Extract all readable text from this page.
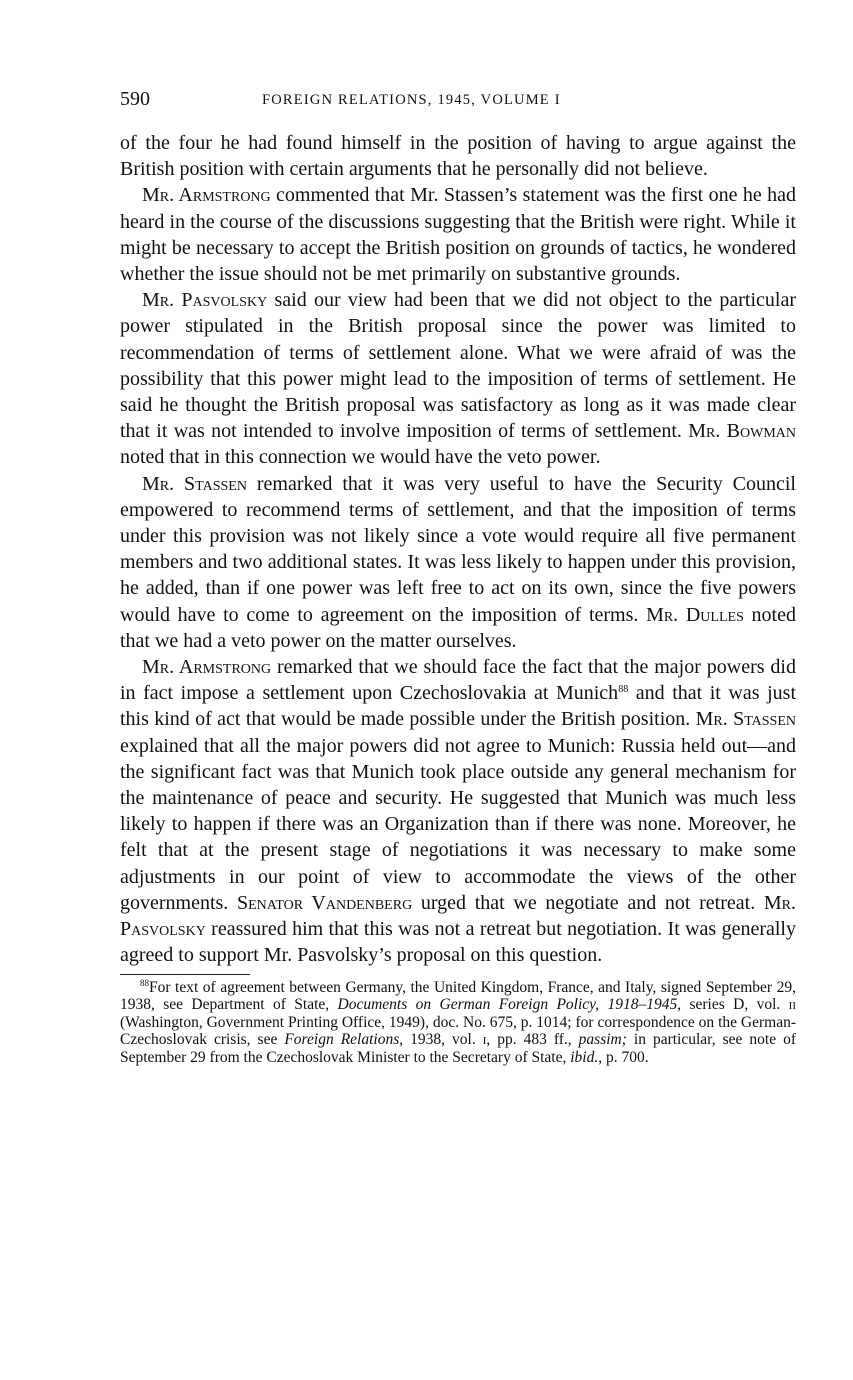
590	FOREIGN RELATIONS, 1945, VOLUME I

of the four he had found himself in the position of having to argue against the British position with certain arguments that he personally did not believe.

Mr. Armstrong commented that Mr. Stassen’s statement was the first one he had heard in the course of the discussions suggesting that the British were right. While it might be necessary to accept the British position on grounds of tactics, he wondered whether the issue should not be met primarily on substantive grounds.

Mr. Pasvolsky said our view had been that we did not object to the particular power stipulated in the British proposal since the power was limited to recommendation of terms of settlement alone. What we were afraid of was the possibility that this power might lead to the imposition of terms of settlement. He said he thought the British proposal was satisfactory as long as it was made clear that it was not intended to involve imposition of terms of settlement. Mr. Bowman noted that in this connection we would have the veto power.

Mr. Stassen remarked that it was very useful to have the Security Council empowered to recommend terms of settlement, and that the imposition of terms under this provision was not likely since a vote would require all five permanent members and two additional states. It was less likely to happen under this provision, he added, than if one power was left free to act on its own, since the five powers would have to come to agreement on the imposition of terms. Mr. Dulles noted that we had a veto power on the matter ourselves.

Mr. Armstrong remarked that we should face the fact that the major powers did in fact impose a settlement upon Czechoslovakia at Munich$^{88}$ and that it was just this kind of act that would be made possible under the British position. Mr. Stassen explained that all the major powers did not agree to Munich: Russia held out—and the significant fact was that Munich took place outside any general mechanism for the maintenance of peace and security. He suggested that Munich was much less likely to happen if there was an Organization than if there was none. Moreover, he felt that at the present stage of negotiations it was necessary to make some adjustments in our point of view to accommodate the views of the other governments. Senator Vandenberg urged that we negotiate and not retreat. Mr. Pasvolsky reassured him that this was not a retreat but negotiation. It was generally agreed to support Mr. Pasvolsky’s proposal on this question.

$^{88}$For text of agreement between Germany, the United Kingdom, France, and Italy, signed September 29, 1938, see Department of State, Documents on German Foreign Policy, 1918–1945, series D, vol. ii (Washington, Government Printing Office, 1949), doc. No. 675, p. 1014; for correspondence on the German-Czechoslovak crisis, see Foreign Relations, 1938, vol. i, pp. 483 ff., passim; in particular, see note of September 29 from the Czechoslovak Minister to the Secretary of State, ibid., p. 700.
